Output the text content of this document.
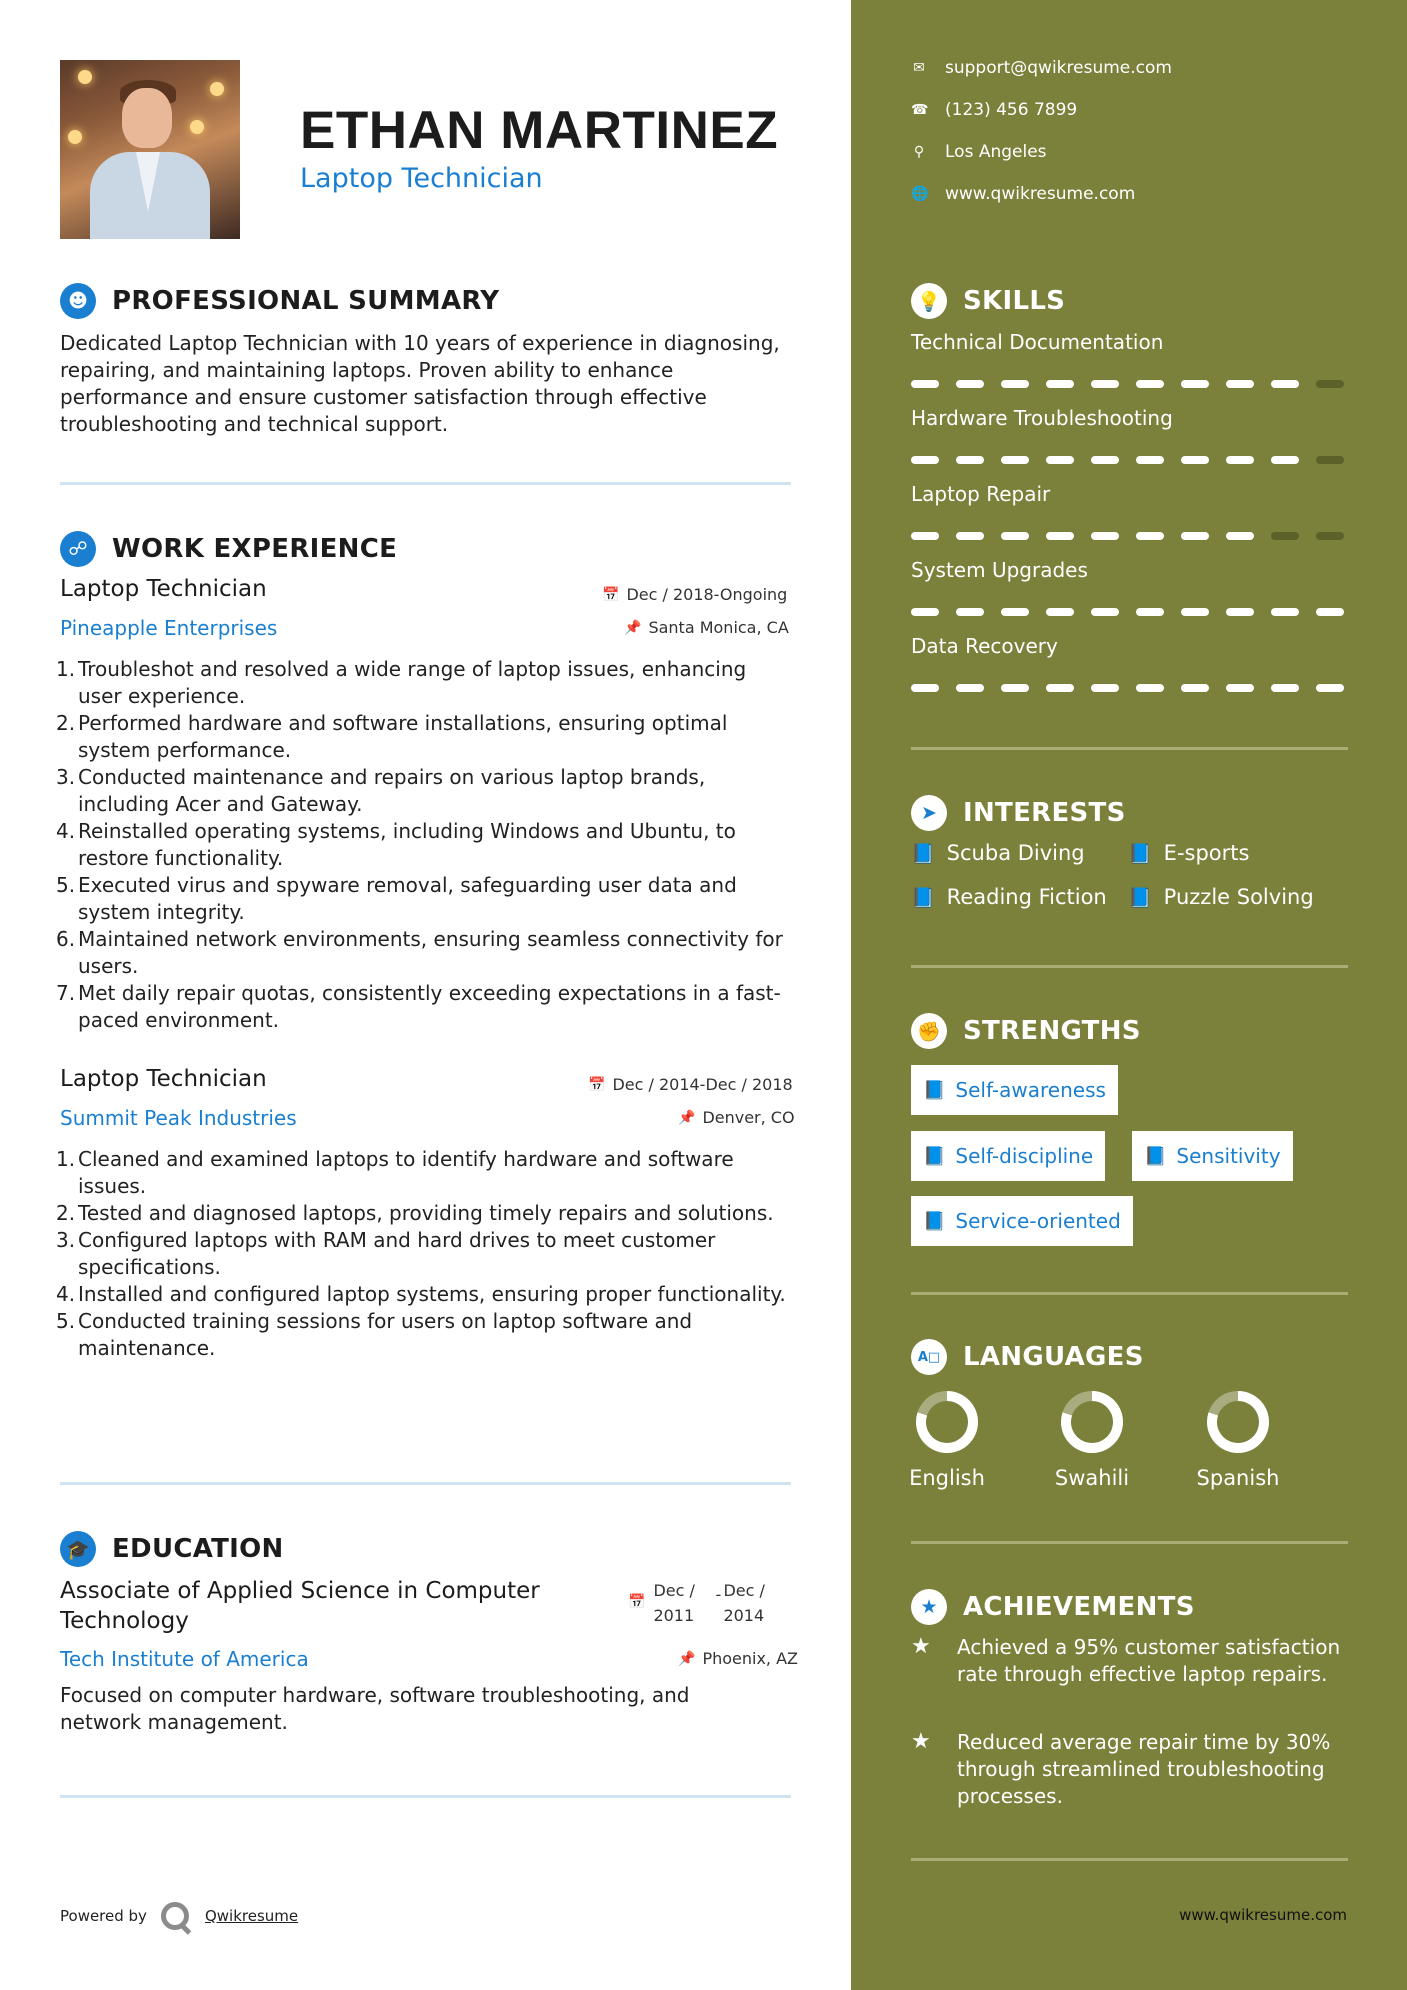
ETHAN MARTINEZ
Laptop Technician
☻ PROFESSIONAL SUMMARY
Dedicated Laptop Technician with 10 years of experience in diagnosing, repairing, and maintaining laptops. Proven ability to enhance performance and ensure customer satisfaction through effective troubleshooting and technical support.
☍ WORK EXPERIENCE
Laptop Technician	📅 Dec / 2018-Ongoing
Pineapple Enterprises	📌 Santa Monica, CA
Troubleshot and resolved a wide range of laptop issues, enhancing user experience.
Performed hardware and software installations, ensuring optimal system performance.
Conducted maintenance and repairs on various laptop brands, including Acer and Gateway.
Reinstalled operating systems, including Windows and Ubuntu, to restore functionality.
Executed virus and spyware removal, safeguarding user data and system integrity.
Maintained network environments, ensuring seamless connectivity for users.
Met daily repair quotas, consistently exceeding expectations in a fast-paced environment.
Laptop Technician	📅 Dec / 2014-Dec / 2018
Summit Peak Industries	📌 Denver, CO
Cleaned and examined laptops to identify hardware and software issues.
Tested and diagnosed laptops, providing timely repairs and solutions.
Configured laptops with RAM and hard drives to meet customer specifications.
Installed and configured laptop systems, ensuring proper functionality.
Conducted training sessions for users on laptop software and maintenance.
🎓 EDUCATION
Associate of Applied Science in Computer Technology
📅
Dec /
2011
- Dec /
2014
Tech Institute of America	📌 Phoenix, AZ
Focused on computer hardware, software troubleshooting, and network management.
Powered by	Qwikresume
✉ support@qwikresume.com
☎ (123) 456 7899
⚲ Los Angeles
🌐 www.qwikresume.com
💡 SKILLS
Technical Documentation
Hardware Troubleshooting
Laptop Repair
System Upgrades
Data Recovery
➤	INTERESTS
📘 Scuba Diving 📘 E-sports
📘 Reading Fiction 📘 Puzzle Solving
✊ STRENGTHS
📘 Self-awareness
📘 Self-discipline	📘 Sensitivity
📘 Service-oriented
A□ LANGUAGES
English	Swahili	Spanish
★ ACHIEVEMENTS
★	Achieved a 95% customer satisfaction rate through effective laptop repairs.
★	Reduced average repair time by 30% through streamlined troubleshooting processes.
www.qwikresume.com
